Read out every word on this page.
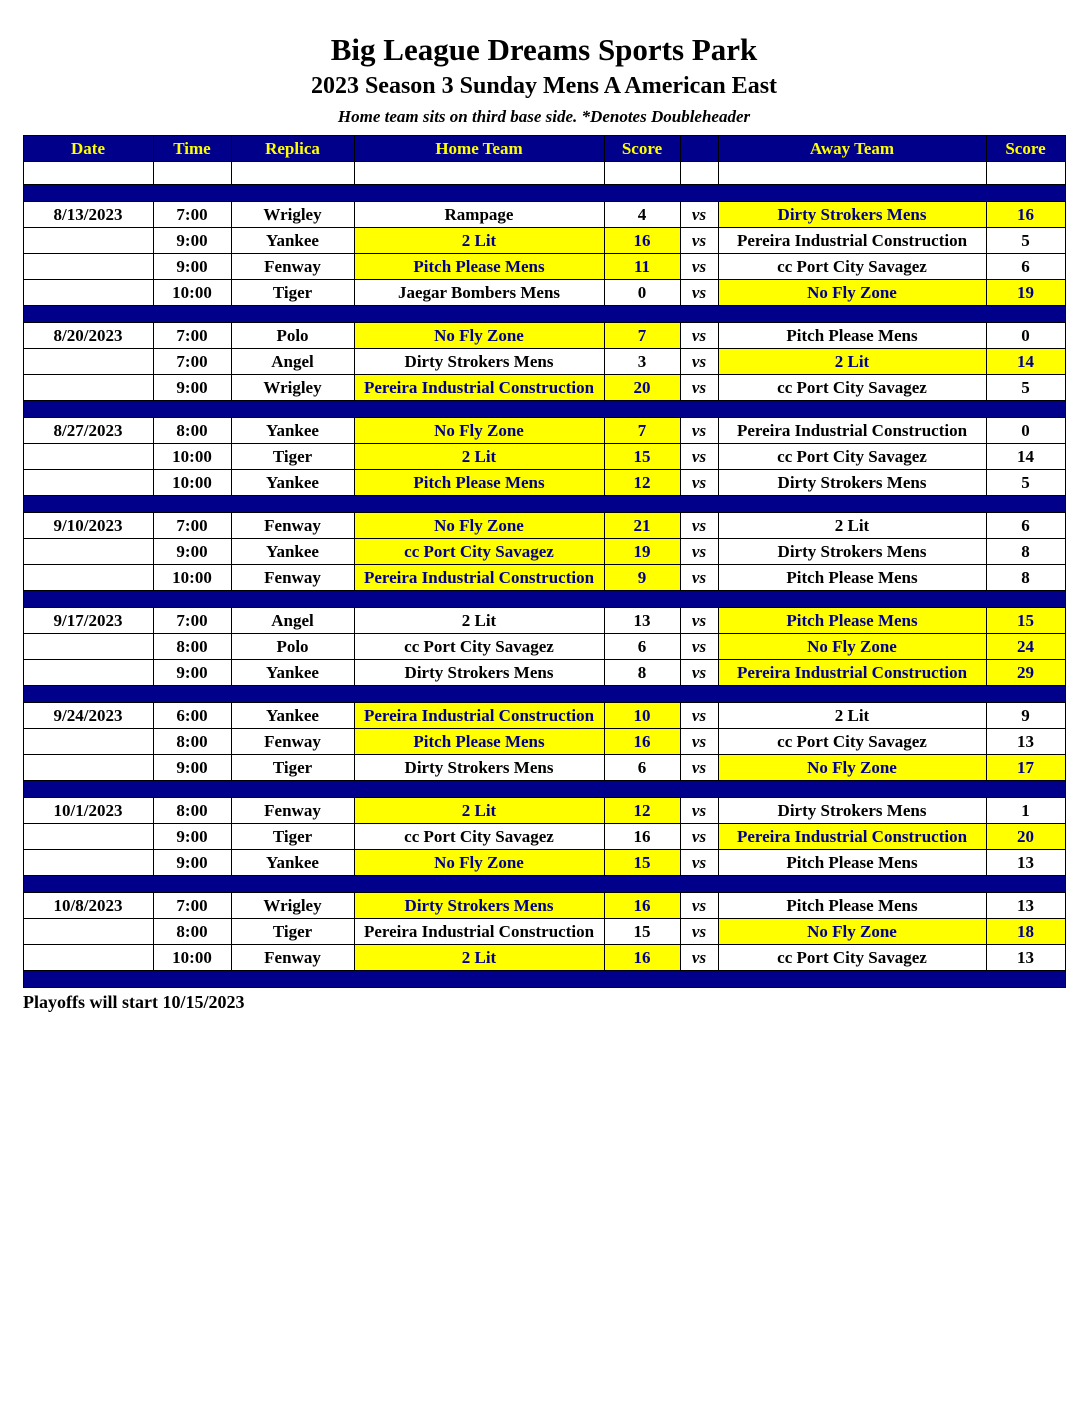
Big League Dreams Sports Park
2023 Season 3 Sunday Mens A American East
Home team sits on third base side. *Denotes Doubleheader
Date	Time	Replica	Home Team	Score		Away Team	Score

8/13/2023	7:00	Wrigley	Rampage	4	vs	Dirty Strokers Mens	16
	9:00	Yankee	2 Lit	16	vs	Pereira Industrial Construction	5
	9:00	Fenway	Pitch Please Mens	11	vs	cc Port City Savagez	6
	10:00	Tiger	Jaegar Bombers Mens	0	vs	No Fly Zone	19

8/20/2023	7:00	Polo	No Fly Zone	7	vs	Pitch Please Mens	0
	7:00	Angel	Dirty Strokers Mens	3	vs	2 Lit	14
	9:00	Wrigley	Pereira Industrial Construction	20	vs	cc Port City Savagez	5

8/27/2023	8:00	Yankee	No Fly Zone	7	vs	Pereira Industrial Construction	0
	10:00	Tiger	2 Lit	15	vs	cc Port City Savagez	14
	10:00	Yankee	Pitch Please Mens	12	vs	Dirty Strokers Mens	5

9/10/2023	7:00	Fenway	No Fly Zone	21	vs	2 Lit	6
	9:00	Yankee	cc Port City Savagez	19	vs	Dirty Strokers Mens	8
	10:00	Fenway	Pereira Industrial Construction	9	vs	Pitch Please Mens	8

9/17/2023	7:00	Angel	2 Lit	13	vs	Pitch Please Mens	15
	8:00	Polo	cc Port City Savagez	6	vs	No Fly Zone	24
	9:00	Yankee	Dirty Strokers Mens	8	vs	Pereira Industrial Construction	29

9/24/2023	6:00	Yankee	Pereira Industrial Construction	10	vs	2 Lit	9
	8:00	Fenway	Pitch Please Mens	16	vs	cc Port City Savagez	13
	9:00	Tiger	Dirty Strokers Mens	6	vs	No Fly Zone	17

10/1/2023	8:00	Fenway	2 Lit	12	vs	Dirty Strokers Mens	1
	9:00	Tiger	cc Port City Savagez	16	vs	Pereira Industrial Construction	20
	9:00	Yankee	No Fly Zone	15	vs	Pitch Please Mens	13

10/8/2023	7:00	Wrigley	Dirty Strokers Mens	16	vs	Pitch Please Mens	13
	8:00	Tiger	Pereira Industrial Construction	15	vs	No Fly Zone	18
	10:00	Fenway	2 Lit	16	vs	cc Port City Savagez	13

Playoffs will start 10/15/2023
